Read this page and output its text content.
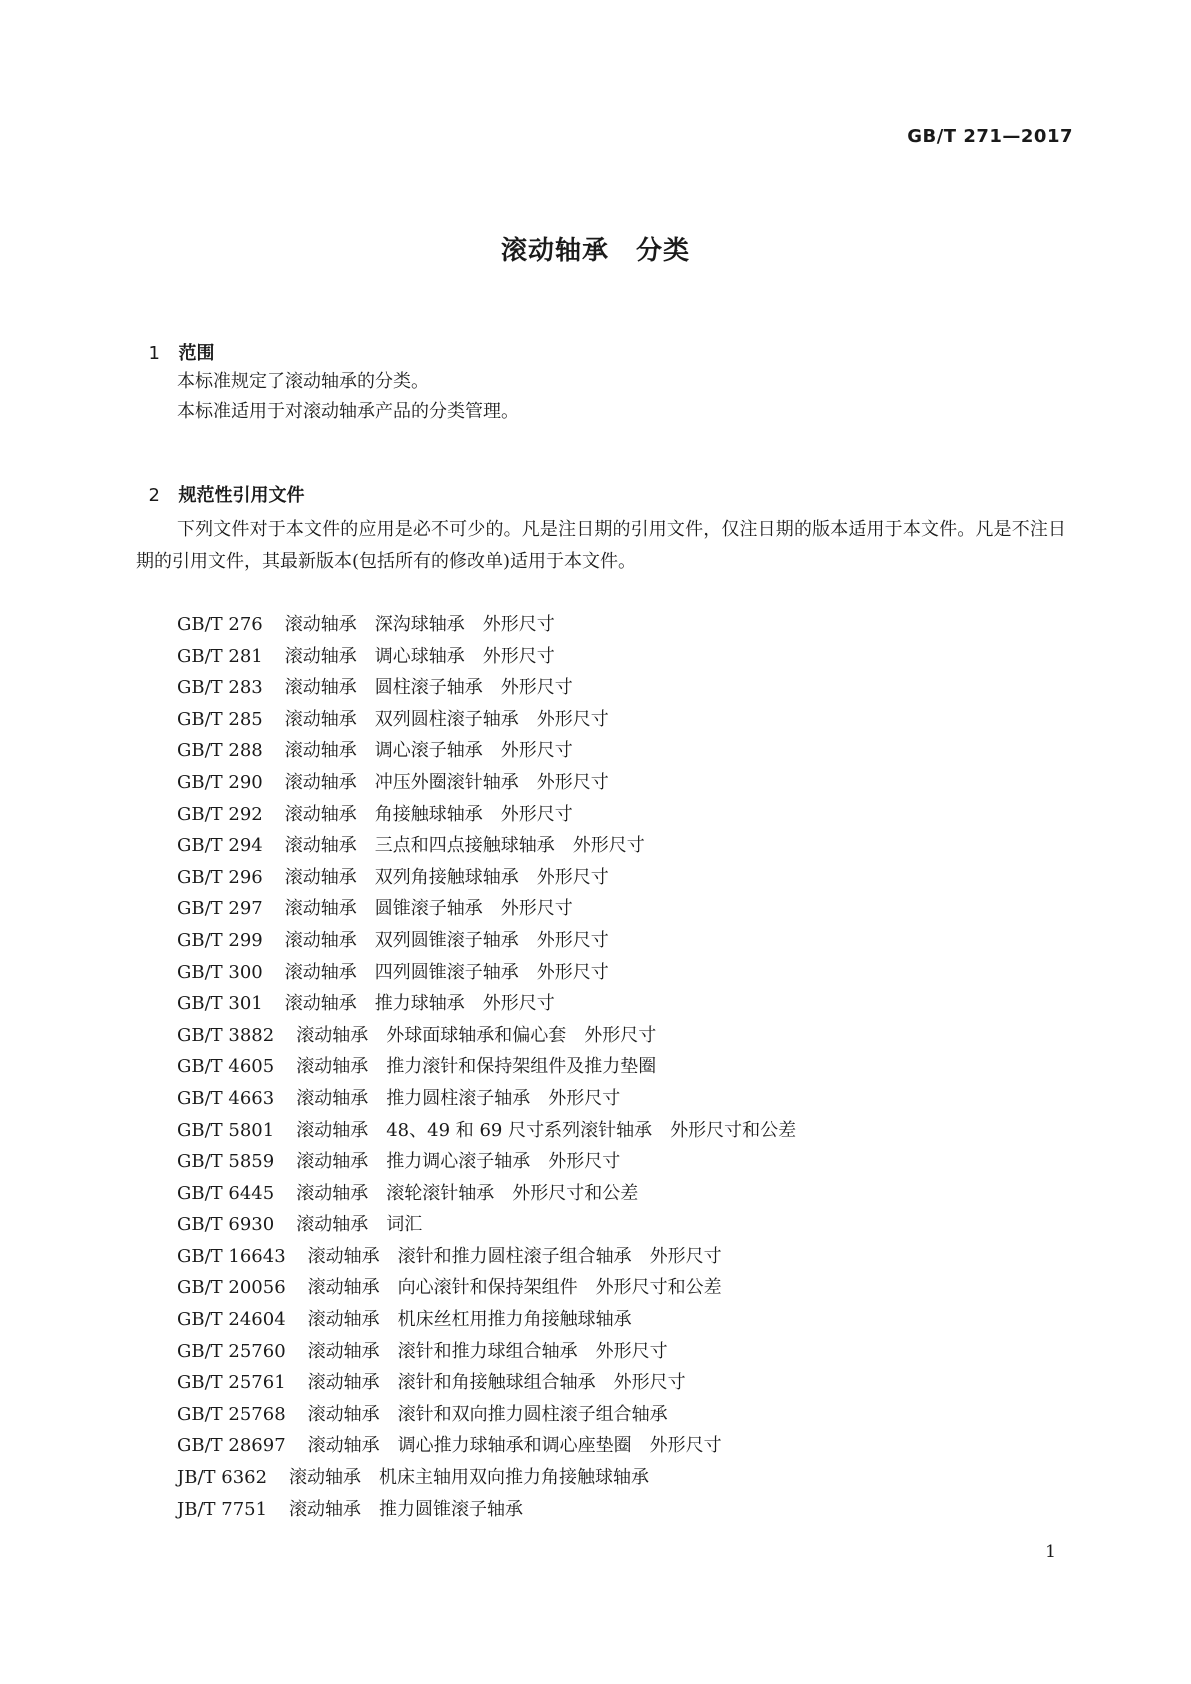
GB/T 271—2017
滚动轴承　分类

1 范围

本标准规定了滚动轴承的分类。
本标准适用于对滚动轴承产品的分类管理。

2 规范性引用文件

下列文件对于本文件的应用是必不可少的。凡是注日期的引用文件，仅注日期的版本适用于本文件。凡是不注日期的引用文件，其最新版本(包括所有的修改单)适用于本文件。
GB/T 276 滚动轴承　深沟球轴承　外形尺寸
GB/T 281 滚动轴承　调心球轴承　外形尺寸
GB/T 283 滚动轴承　圆柱滚子轴承　外形尺寸
GB/T 285 滚动轴承　双列圆柱滚子轴承　外形尺寸
GB/T 288 滚动轴承　调心滚子轴承　外形尺寸
GB/T 290 滚动轴承　冲压外圈滚针轴承　外形尺寸
GB/T 292 滚动轴承　角接触球轴承　外形尺寸
GB/T 294 滚动轴承　三点和四点接触球轴承　外形尺寸
GB/T 296 滚动轴承　双列角接触球轴承　外形尺寸
GB/T 297 滚动轴承　圆锥滚子轴承　外形尺寸
GB/T 299 滚动轴承　双列圆锥滚子轴承　外形尺寸
GB/T 300 滚动轴承　四列圆锥滚子轴承　外形尺寸
GB/T 301 滚动轴承　推力球轴承　外形尺寸
GB/T 3882 滚动轴承　外球面球轴承和偏心套　外形尺寸
GB/T 4605 滚动轴承　推力滚针和保持架组件及推力垫圈
GB/T 4663 滚动轴承　推力圆柱滚子轴承　外形尺寸
GB/T 5801 滚动轴承　48、49 和 69 尺寸系列滚针轴承　外形尺寸和公差
GB/T 5859 滚动轴承　推力调心滚子轴承　外形尺寸
GB/T 6445 滚动轴承　滚轮滚针轴承　外形尺寸和公差
GB/T 6930 滚动轴承　词汇
GB/T 16643 滚动轴承　滚针和推力圆柱滚子组合轴承　外形尺寸
GB/T 20056 滚动轴承　向心滚针和保持架组件　外形尺寸和公差
GB/T 24604 滚动轴承　机床丝杠用推力角接触球轴承
GB/T 25760 滚动轴承　滚针和推力球组合轴承　外形尺寸
GB/T 25761 滚动轴承　滚针和角接触球组合轴承　外形尺寸
GB/T 25768 滚动轴承　滚针和双向推力圆柱滚子组合轴承
GB/T 28697 滚动轴承　调心推力球轴承和调心座垫圈　外形尺寸
JB/T 6362 滚动轴承　机床主轴用双向推力角接触球轴承
JB/T 7751 滚动轴承　推力圆锥滚子轴承
1
